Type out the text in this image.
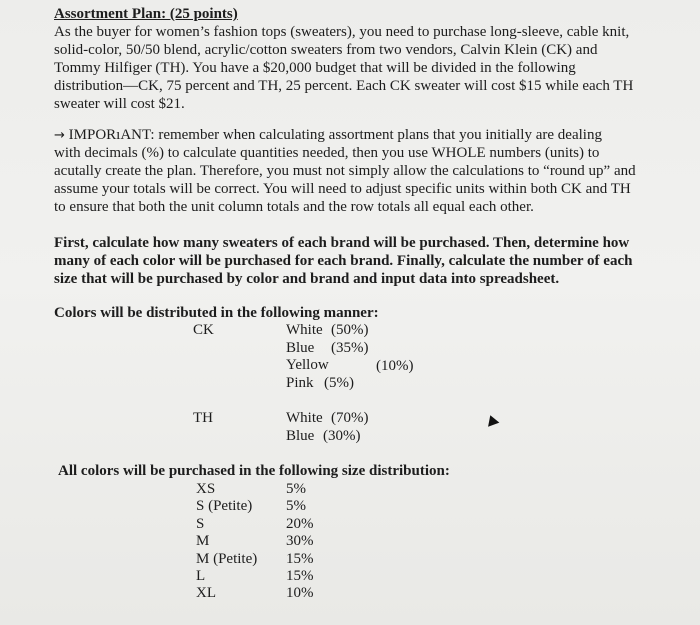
Assortment Plan: (25 points)
As the buyer for women’s fashion tops (sweaters), you need to purchase long-sleeve, cable knit,
solid-color, 50/50 blend, acrylic/cotton sweaters from two vendors, Calvin Klein (CK) and
Tommy Hilfiger (TH). You have a $20,000 budget that will be divided in the following
distribution—CK, 75 percent and TH, 25 percent. Each CK sweater will cost $15 while each TH
sweater will cost $21.
→ IMPORıANT: remember when calculating assortment plans that you initially are dealing
with decimals (%) to calculate quantities needed, then you use WHOLE numbers (units) to
acutally create the plan. Therefore, you must not simply allow the calculations to “round up” and
assume your totals will be correct. You will need to adjust specific units within both CK and TH
to ensure that both the unit column totals and the row totals all equal each other.
First, calculate how many sweaters of each brand will be purchased. Then, determine how
many of each color will be purchased for each brand. Finally, calculate the number of each
size that will be purchased by color and brand and input data into spreadsheet.
Colors will be distributed in the following manner:
CK	White (50%)
Blue (35%)
Yellow	(10%)
Pink (5%)
TH	White (70%)
Blue (30%)
All colors will be purchased in the following size distribution:
XS	5%
S (Petite) 5%
S	20%
M	30%
M (Petite) 15%
L	15%
XL	10%
